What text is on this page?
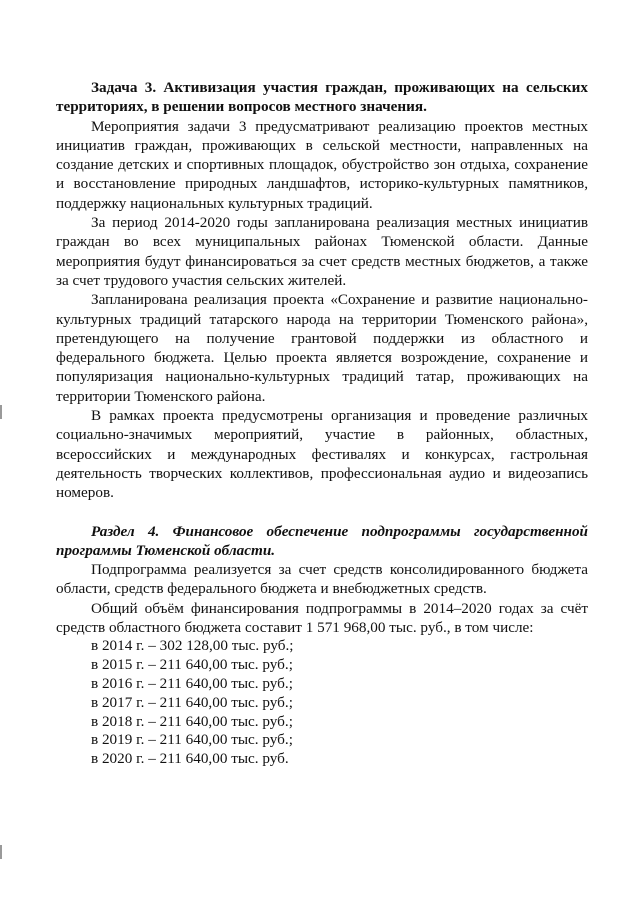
Задача 3. Активизация участия граждан, проживающих на сельских территориях, в решении вопросов местного значения.

Мероприятия задачи 3 предусматривают реализацию проектов местных инициатив граждан, проживающих в сельской местности, направленных на создание детских и спортивных площадок, обустройство зон отдыха, сохранение и восстановление природных ландшафтов, историко-культурных памятников, поддержку национальных культурных традиций.

За период 2014-2020 годы запланирована реализация местных инициатив граждан во всех муниципальных районах Тюменской области. Данные мероприятия будут финансироваться за счет средств местных бюджетов, а также за счет трудового участия сельских жителей.

Запланирована реализация проекта «Сохранение и развитие национально-культурных традиций татарского народа на территории Тюменского района», претендующего на получение грантовой поддержки из областного и федерального бюджета. Целью проекта является возрождение, сохранение и популяризация национально-культурных традиций татар, проживающих на территории Тюменского района.

В рамках проекта предусмотрены организация и проведение различных социально-значимых мероприятий, участие в районных, областных, всероссийских и международных фестивалях и конкурсах, гастрольная деятельность творческих коллективов, профессиональная аудио и видеозапись номеров.

Раздел 4. Финансовое обеспечение подпрограммы государственной программы Тюменской области.

Подпрограмма реализуется за счет средств консолидированного бюджета области, средств федерального бюджета и внебюджетных средств.

Общий объём финансирования подпрограммы в 2014–2020 годах за счёт средств областного бюджета составит 1 571 968,00 тыс. руб., в том числе:

в 2014 г. – 302 128,00 тыс. руб.;
в 2015 г. – 211 640,00 тыс. руб.;
в 2016 г. – 211 640,00 тыс. руб.;
в 2017 г. – 211 640,00 тыс. руб.;
в 2018 г. – 211 640,00 тыс. руб.;
в 2019 г. – 211 640,00 тыс. руб.;
в 2020 г. – 211 640,00 тыс. руб.
